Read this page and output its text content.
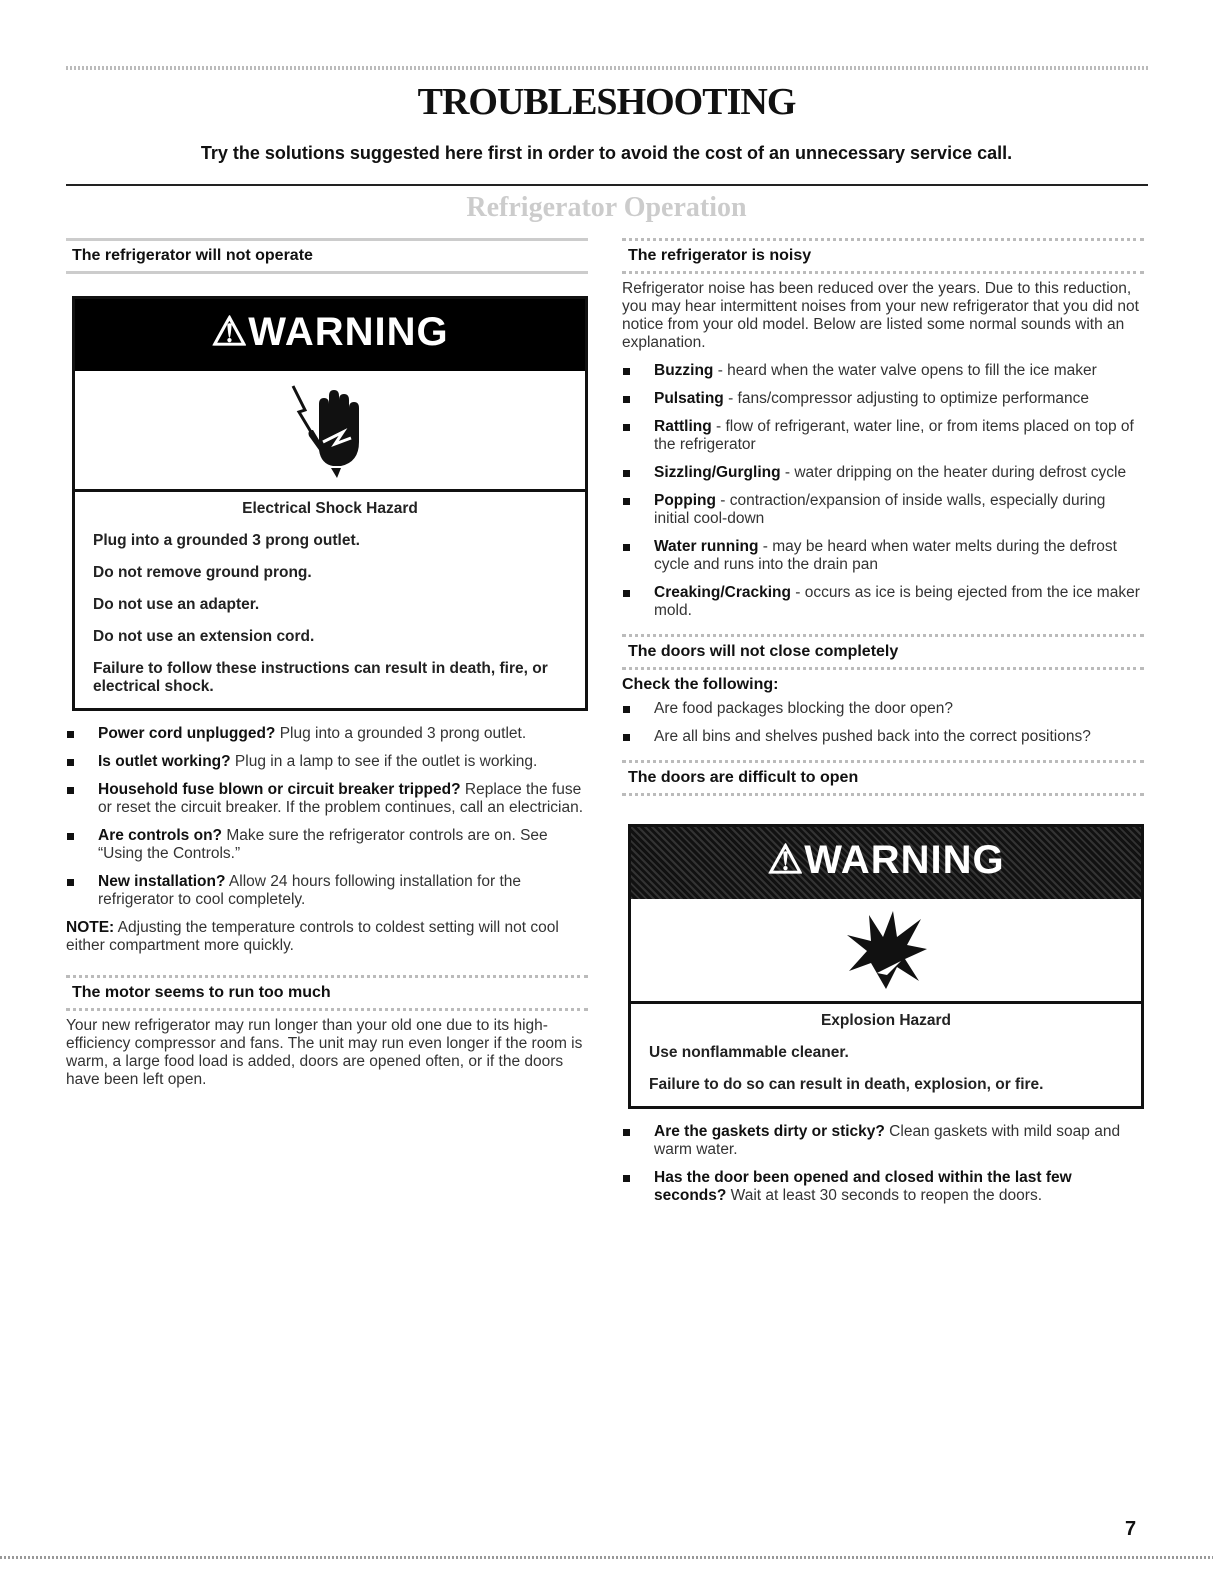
TROUBLESHOOTING

Try the solutions suggested here first in order to avoid the cost of an unnecessary service call.

Refrigerator Operation
The refrigerator will not operate
⚠WARNING

Electrical Shock Hazard

Plug into a grounded 3 prong outlet.

Do not remove ground prong.

Do not use an adapter.

Do not use an extension cord.

Failure to follow these instructions can result in death, fire, or electrical shock.

Power cord unplugged? Plug into a grounded 3 prong outlet.
Is outlet working? Plug in a lamp to see if the outlet is working.
Household fuse blown or circuit breaker tripped? Replace the fuse or reset the circuit breaker. If the problem continues, call an electrician.
Are controls on? Make sure the refrigerator controls are on. See “Using the Controls.”
New installation? Allow 24 hours following installation for the refrigerator to cool completely.

NOTE: Adjusting the temperature controls to coldest setting will not cool either compartment more quickly.

The motor seems to run too much

Your new refrigerator may run longer than your old one due to its high-efficiency compressor and fans. The unit may run even longer if the room is warm, a large food load is added, doors are opened often, or if the doors have been left open.

The refrigerator is noisy

Refrigerator noise has been reduced over the years. Due to this reduction, you may hear intermittent noises from your new refrigerator that you did not notice from your old model. Below are listed some normal sounds with an explanation.

Buzzing - heard when the water valve opens to fill the ice maker
Pulsating - fans/compressor adjusting to optimize performance
Rattling - flow of refrigerant, water line, or from items placed on top of the refrigerator
Sizzling/Gurgling - water dripping on the heater during defrost cycle
Popping - contraction/expansion of inside walls, especially during initial cool-down
Water running - may be heard when water melts during the defrost cycle and runs into the drain pan
Creaking/Cracking - occurs as ice is being ejected from the ice maker mold.
The doors will not close completely

Check the following:

Are food packages blocking the door open?
Are all bins and shelves pushed back into the correct positions?
The doors are difficult to open
⚠WARNING

Explosion Hazard

Use nonflammable cleaner.

Failure to do so can result in death, explosion, or fire.

Are the gaskets dirty or sticky? Clean gaskets with mild soap and warm water.
Has the door been opened and closed within the last few seconds? Wait at least 30 seconds to reopen the doors.
7
